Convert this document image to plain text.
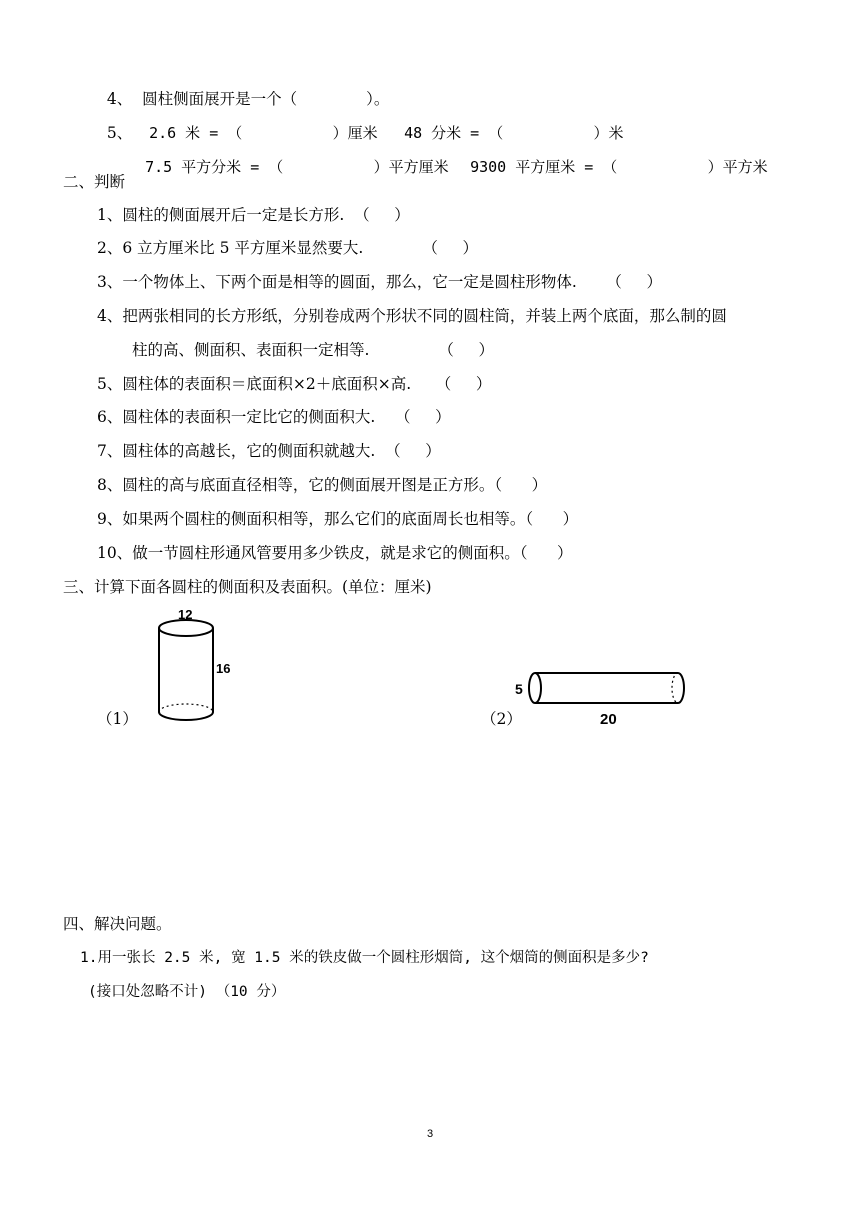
4、 圆柱侧面展开是一个（              ）。

5、	2.6 米 = （          ）厘米	48 分米 = （          ）米

7.5 平方分米 = （          ）平方厘米	9300 平方厘米 = （          ）平方米

二、判断
1、圆柱的侧面展开后一定是长方形.  （     ）
2、6 立方厘米比 5 平方厘米显然要大.            （     ）
3、一个物体上、下两个面是相等的圆面，那么，它一定是圆柱形物体.      （     ）
4、把两张相同的长方形纸，分别卷成两个形状不同的圆柱筒，并装上两个底面，那么制的圆
柱的高、侧面积、表面积一定相等.              （     ）
5、圆柱体的表面积＝底面积×2＋底面积×高.     （     ）
6、圆柱体的表面积一定比它的侧面积大.    （     ）
7、圆柱体的高越长，它的侧面积就越大.  （     ）
8、圆柱的高与底面直径相等，它的侧面展开图是正方形。（      ）
9、如果两个圆柱的侧面积相等，那么它们的底面周长也相等。（      ）
10、做一节圆柱形通风管要用多少铁皮，就是求它的侧面积。（      ）
三、计算下面各圆柱的侧面积及表面积。(单位：厘米)
（1）
12
16
（2）
5
20
四、解决问题。
1.用一张长 2.5 米, 宽 1.5 米的铁皮做一个圆柱形烟筒, 这个烟筒的侧面积是多少?
(接口处忽略不计) （10 分）
3
